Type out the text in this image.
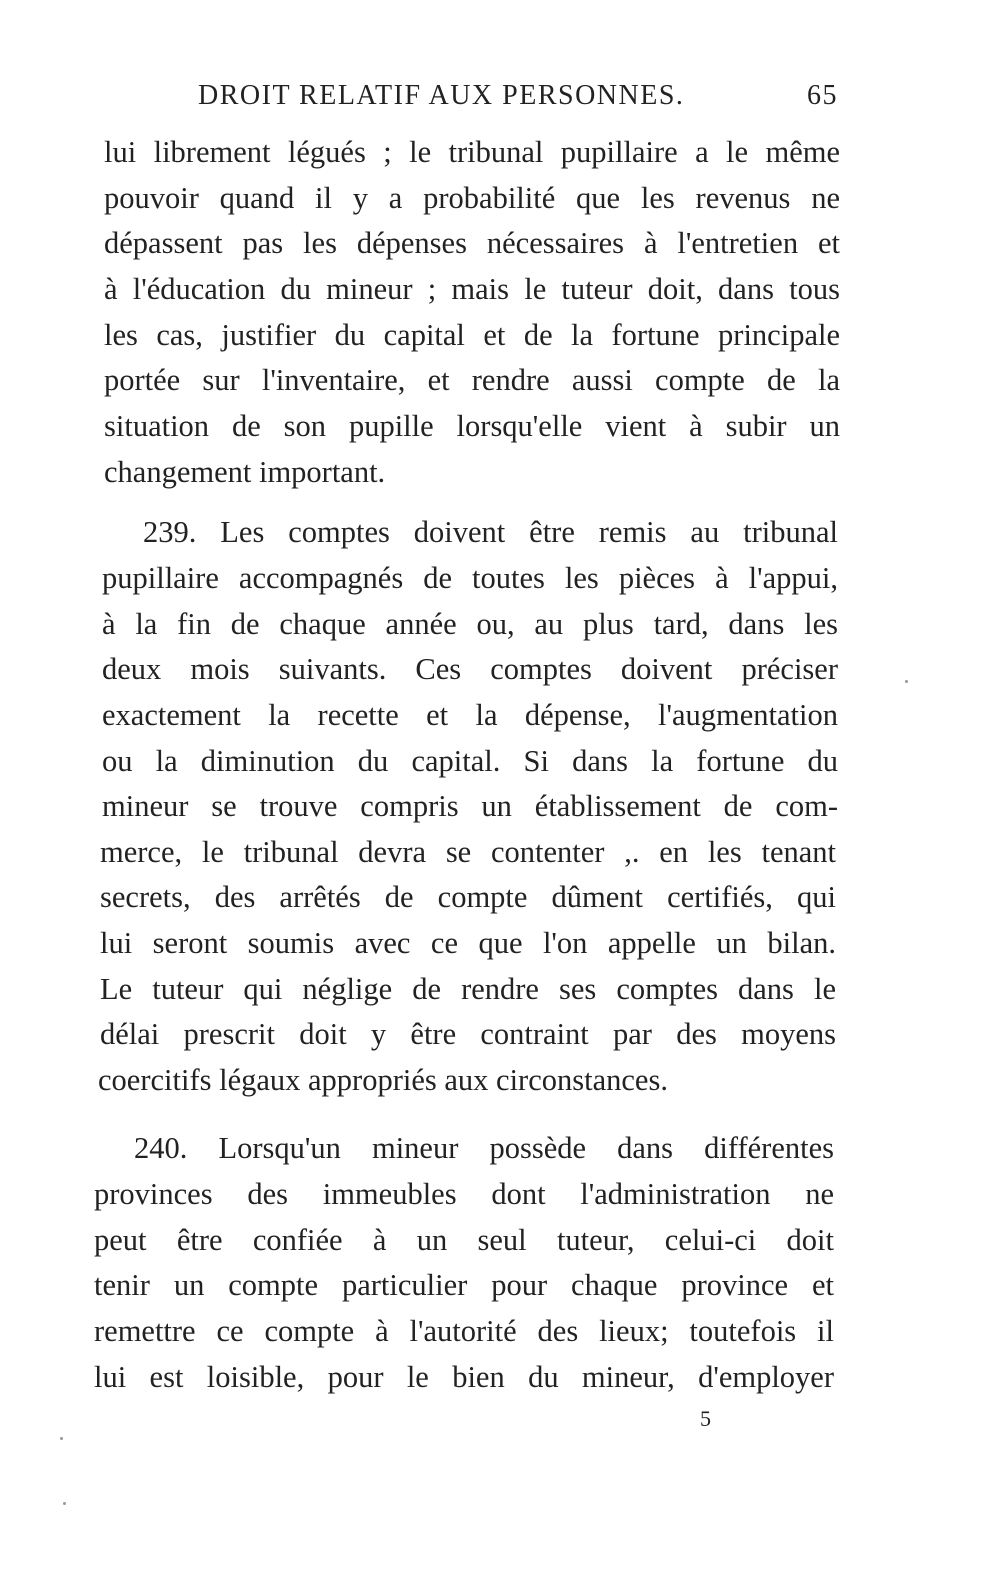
DROIT RELATIF AUX PERSONNES.	65
lui librement légués ; le tribunal pupillaire a le même
pouvoir quand il y a probabilité que les revenus ne
dépassent pas les dépenses nécessaires à l'entretien et
à l'éducation du mineur ; mais le tuteur doit, dans tous
les cas, justifier du capital et de la fortune principale
portée sur l'inventaire, et rendre aussi compte de la
situation de son pupille lorsqu'elle vient à subir un
changement important.
239. Les comptes doivent être remis au tribunal
pupillaire accompagnés de toutes les pièces à l'appui,
à la fin de chaque année ou, au plus tard, dans les
deux mois suivants. Ces comptes doivent préciser
exactement la recette et la dépense, l'augmentation
ou la diminution du capital. Si dans la fortune du
mineur se trouve compris un établissement de com-
merce, le tribunal devra se contenter ,. en les tenant
secrets, des arrêtés de compte dûment certifiés, qui
lui seront soumis avec ce que l'on appelle un bilan.
Le tuteur qui néglige de rendre ses comptes dans le
délai prescrit doit y être contraint par des moyens
coercitifs légaux appropriés aux circonstances.
240. Lorsqu'un mineur possède dans différentes
provinces des immeubles dont l'administration ne
peut être confiée à un seul tuteur, celui-ci doit
tenir un compte particulier pour chaque province et
remettre ce compte à l'autorité des lieux; toutefois il
lui est loisible, pour le bien du mineur, d'employer
5
